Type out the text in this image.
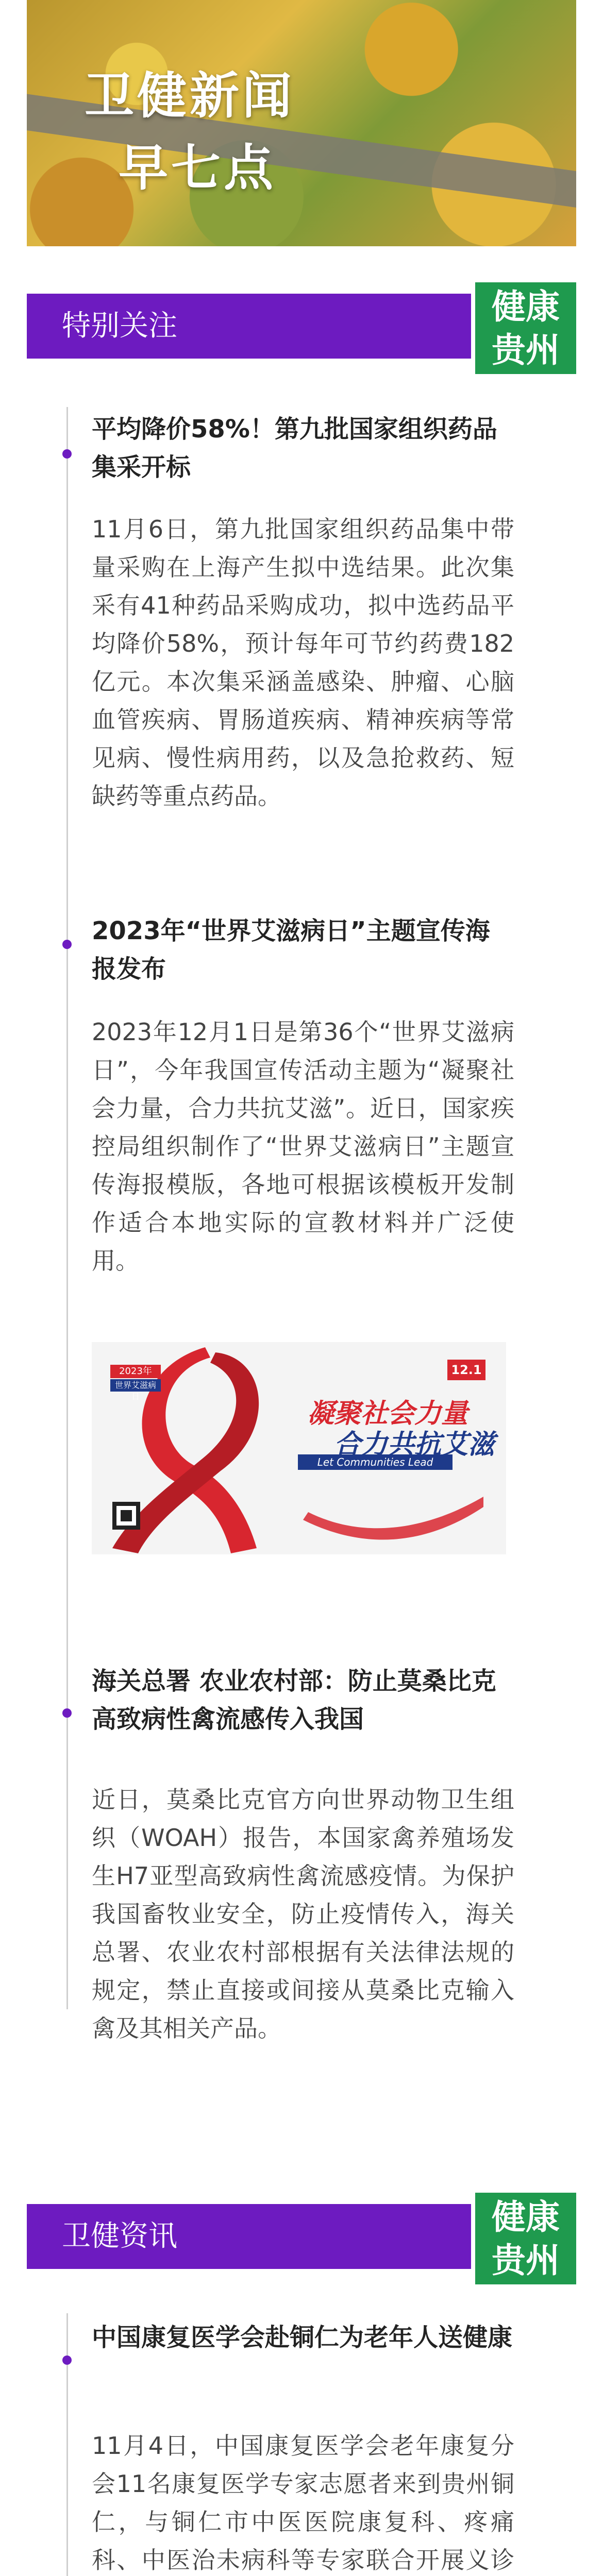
卫健新闻
早七点
特别关注	健康
贵州
平均降价58%！第九批国家组织药品集采开标
11月6日，第九批国家组织药品集中带量采购在上海产生拟中选结果。此次集采有41种药品采购成功，拟中选药品平均降价58%，预计每年可节约药费182亿元。本次集采涵盖感染、肿瘤、心脑血管疾病、胃肠道疾病、精神疾病等常见病、慢性病用药，以及急抢救药、短缺药等重点药品。
2023年“世界艾滋病日”主题宣传海报发布
2023年12月1日是第36个“世界艾滋病日”，今年我国宣传活动主题为“凝聚社会力量，合力共抗艾滋”。近日，国家疾控局组织制作了“世界艾滋病日”主题宣传海报模版，各地可根据该模板开发制作适合本地实际的宣教材料并广泛使用。
2023年
世界艾滋病日
12.1
凝聚社会力量
合力共抗艾滋
Let Communities Lead
海关总署 农业农村部：防止莫桑比克高致病性禽流感传入我国
近日，莫桑比克官方向世界动物卫生组织（WOAH）报告，本国家禽养殖场发生H7亚型高致病性禽流感疫情。为保护我国畜牧业安全，防止疫情传入，海关总署、农业农村部根据有关法律法规的规定，禁止直接或间接从莫桑比克输入禽及其相关产品。
卫健资讯	健康
贵州
中国康复医学会赴铜仁为老年人送健康
11月4日，中国康复医学会老年康复分会11名康复医学专家志愿者来到贵州铜仁，与铜仁市中医医院康复科、疼痛科、中医治未病科等专家联合开展义诊
